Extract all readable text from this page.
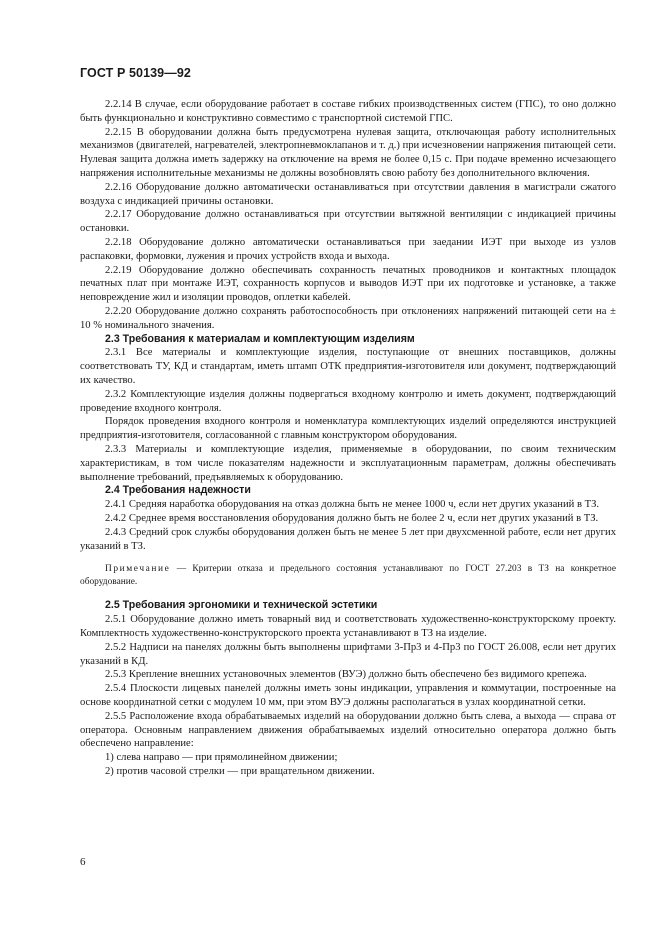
ГОСТ Р 50139—92

2.2.14 В случае, если оборудование работает в составе гибких производственных систем (ГПС), то оно должно быть функционально и конструктивно совместимо с транспортной системой ГПС.

2.2.15 В оборудовании должна быть предусмотрена нулевая защита, отключающая работу исполнительных механизмов (двигателей, нагревателей, электропневмоклапанов и т. д.) при исчезновении напряжения питающей сети. Нулевая защита должна иметь задержку на отключение на время не более 0,15 с. При подаче временно исчезающего напряжения исполнительные механизмы не должны возобновлять свою работу без дополнительного включения.

2.2.16 Оборудование должно автоматически останавливаться при отсутствии давления в магистрали сжатого воздуха с индикацией причины остановки.

2.2.17 Оборудование должно останавливаться при отсутствии вытяжной вентиляции с индикацией причины остановки.

2.2.18 Оборудование должно автоматически останавливаться при заедании ИЭТ при выходе из узлов распаковки, формовки, лужения и прочих устройств входа и выхода.

2.2.19 Оборудование должно обеспечивать сохранность печатных проводников и контактных площадок печатных плат при монтаже ИЭТ, сохранность корпусов и выводов ИЭТ при их подготовке и установке, а также неповреждение жил и изоляции проводов, оплетки кабелей.

2.2.20 Оборудование должно сохранять работоспособность при отклонениях напряжений питающей сети на ± 10 % номинального значения.

2.3 Требования к материалам и комплектующим изделиям

2.3.1 Все материалы и комплектующие изделия, поступающие от внешних поставщиков, должны соответствовать ТУ, КД и стандартам, иметь штамп ОТК предприятия-изготовителя или документ, подтверждающий их качество.

2.3.2 Комплектующие изделия должны подвергаться входному контролю и иметь документ, подтверждающий проведение входного контроля.

Порядок проведения входного контроля и номенклатура комплектующих изделий определяются инструкцией предприятия-изготовителя, согласованной с главным конструктором оборудования.

2.3.3 Материалы и комплектующие изделия, применяемые в оборудовании, по своим техническим характеристикам, в том числе показателям надежности и эксплуатационным параметрам, должны обеспечивать выполнение требований, предъявляемых к оборудованию.

2.4 Требования надежности

2.4.1 Средняя наработка оборудования на отказ должна быть не менее 1000 ч, если нет других указаний в ТЗ.

2.4.2 Среднее время восстановления оборудования должно быть не более 2 ч, если нет других указаний в ТЗ.

2.4.3 Средний срок службы оборудования должен быть не менее 5 лет при двухсменной работе, если нет других указаний в ТЗ.

Примечание — Критерии отказа и предельного состояния устанавливают по ГОСТ 27.203 в ТЗ на конкретное оборудование.

2.5 Требования эргономики и технической эстетики

2.5.1 Оборудование должно иметь товарный вид и соответствовать художественно-конструкторскому проекту. Комплектность художественно-конструкторского проекта устанавливают в ТЗ на изделие.

2.5.2 Надписи на панелях должны быть выполнены шрифтами 3-Пр3 и 4-Пр3 по ГОСТ 26.008, если нет других указаний в КД.

2.5.3 Крепление внешних установочных элементов (ВУЭ) должно быть обеспечено без видимого крепежа.

2.5.4 Плоскости лицевых панелей должны иметь зоны индикации, управления и коммутации, построенные на основе координатной сетки с модулем 10 мм, при этом ВУЭ должны располагаться в узлах координатной сетки.

2.5.5 Расположение входа обрабатываемых изделий на оборудовании должно быть слева, а выхода — справа от оператора. Основным направлением движения обрабатываемых изделий относительно оператора должно быть обеспечено направление:

1) слева направо — при прямолинейном движении;

2) против часовой стрелки — при вращательном движении.

6
